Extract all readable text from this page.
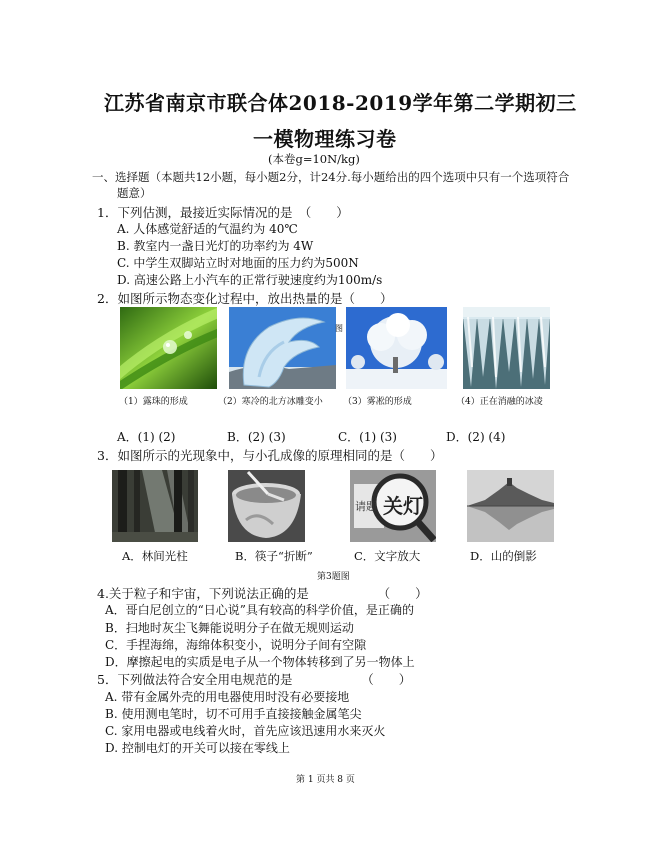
江苏省南京市联合体2018-2019学年第二学期初三
一模物理练习卷
(本卷g=10N/kg)
一、选择题（本题共12小题，每小题2分，计24分.每小题给出的四个选项中只有一个选项符合
题意）
1．下列估测，最接近实际情况的是　（　　）
A. 人体感觉舒适的气温约为 40℃
B. 教室内一盏日光灯的功率约为 4W
C. 中学生双脚站立时对地面的压力约为500N
D. 高速公路上小汽车的正常行驶速度约为100m/s
2．如图所示物态变化过程中，放出热量的是（　　）
图
（1）露珠的形成	（2）寒冷的北方冰雕变小 （3）雾凇的形成	（4）正在消融的冰凌
A．(1) (2)	B．(2) (3)	C．(1) (3)	D．(2) (4)
3．如图所示的光现象中，与小孔成像的原理相同的是（　　）
请题 关灯
A．林间光柱	B．筷子“折断”	C．文字放大	D．山的倒影
第3题图
4.关于粒子和宇宙，下列说法正确的是　　　　　　（　　）
A．哥白尼创立的“日心说”具有较高的科学价值，是正确的
B．扫地时灰尘飞舞能说明分子在做无规则运动
C．手捏海绵，海绵体积变小，说明分子间有空隙
D．摩擦起电的实质是电子从一个物体转移到了另一物体上
5．下列做法符合安全用电规范的是　　　　　　（　　）
A. 带有金属外壳的用电器使用时没有必要接地
B. 使用测电笔时，切不可用手直接接触金属笔尖
C. 家用电器或电线着火时，首先应该迅速用水来灭火
D. 控制电灯的开关可以接在零线上
第 1 页共 8 页
